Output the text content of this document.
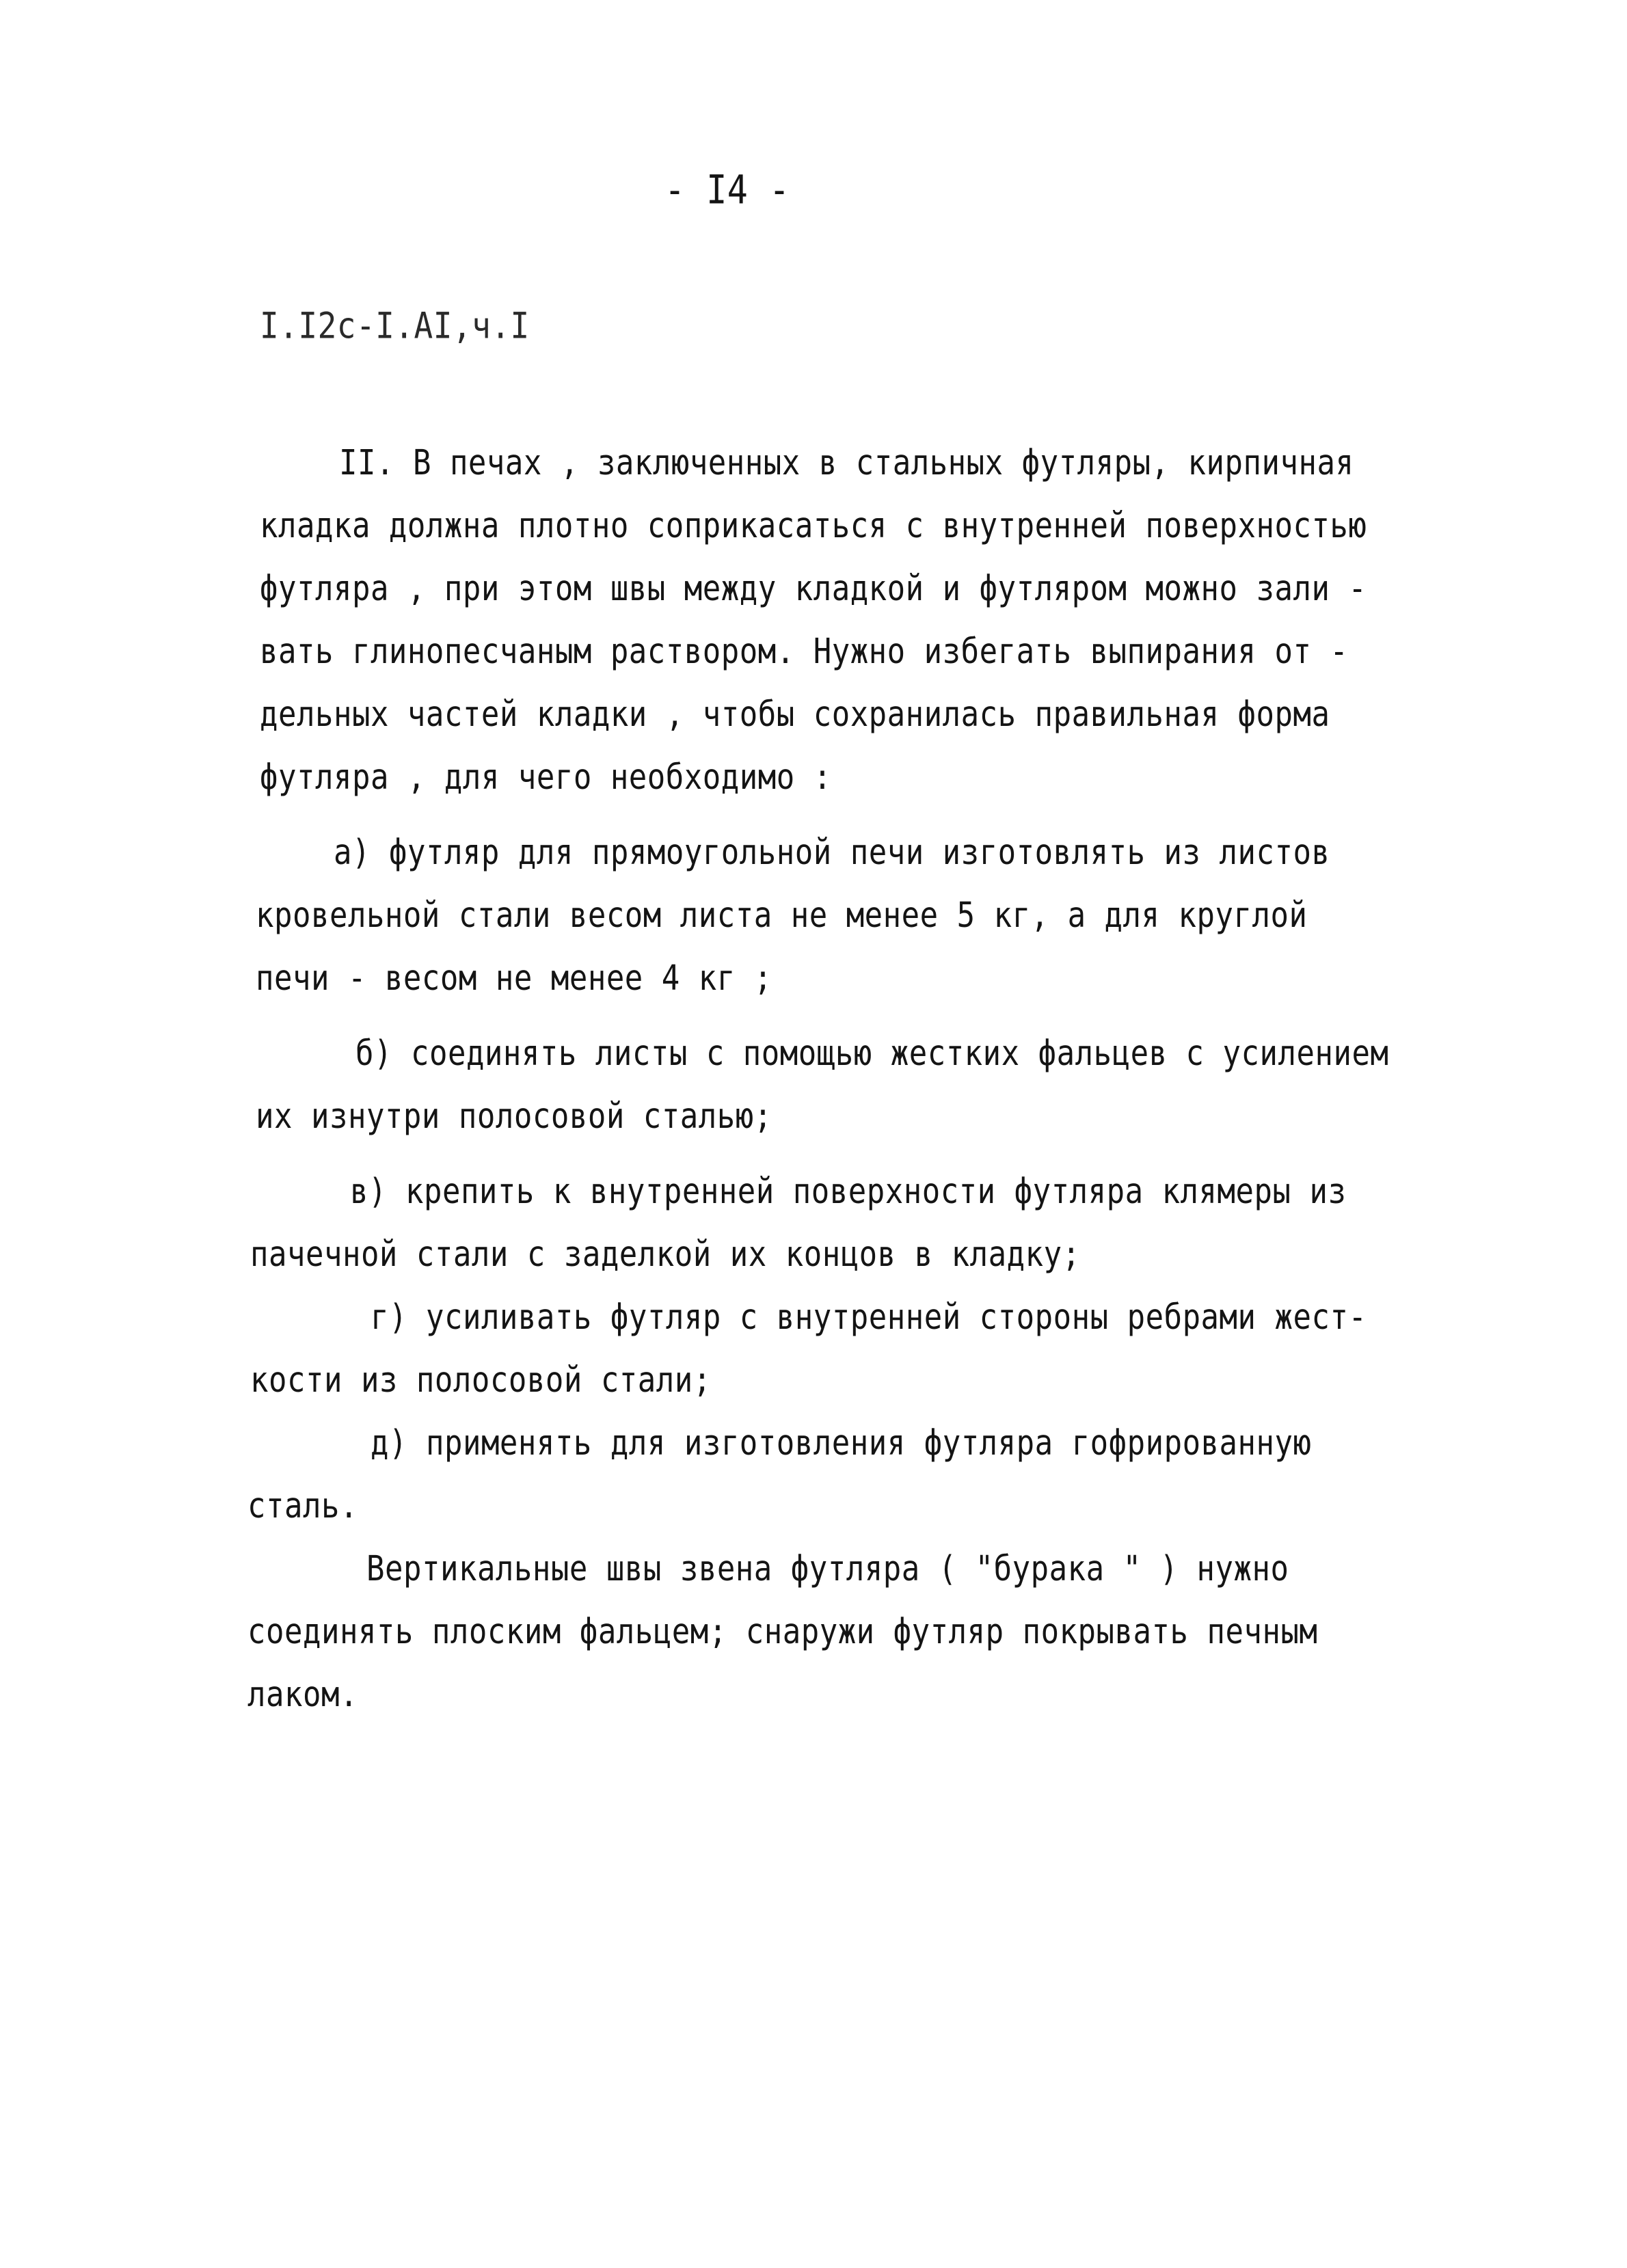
- I4 -
I.I2c-I.AI,ч.I
II. В печах , заключенных в стальных футляры, кирпичная
кладка должна плотно соприкасаться с внутренней поверхностью
футляра , при этом швы между кладкой и футляром можно зали -
вать глинопесчаным раствором. Нужно избегать выпирания от -
дельных частей кладки , чтобы сохранилась правильная форма
футляра , для чего необходимо :
а) футляр для прямоугольной печи изготовлять из листов
кровельной стали весом листа не менее 5 кг, а для круглой
печи - весом не менее 4 кг ;
б) соединять листы с помощью жестких фальцев с усилением
их изнутри полосовой сталью;
в) крепить к внутренней поверхности футляра клямеры из
пачечной стали с заделкой их концов в кладку;
г) усиливать футляр с внутренней стороны ребрами жест-
кости из полосовой стали;
д) применять для изготовления футляра гофрированную
сталь.
Вертикальные швы звена футляра ( "бурака " ) нужно
соединять плоским фальцем; снаружи футляр покрывать печным
лаком.
